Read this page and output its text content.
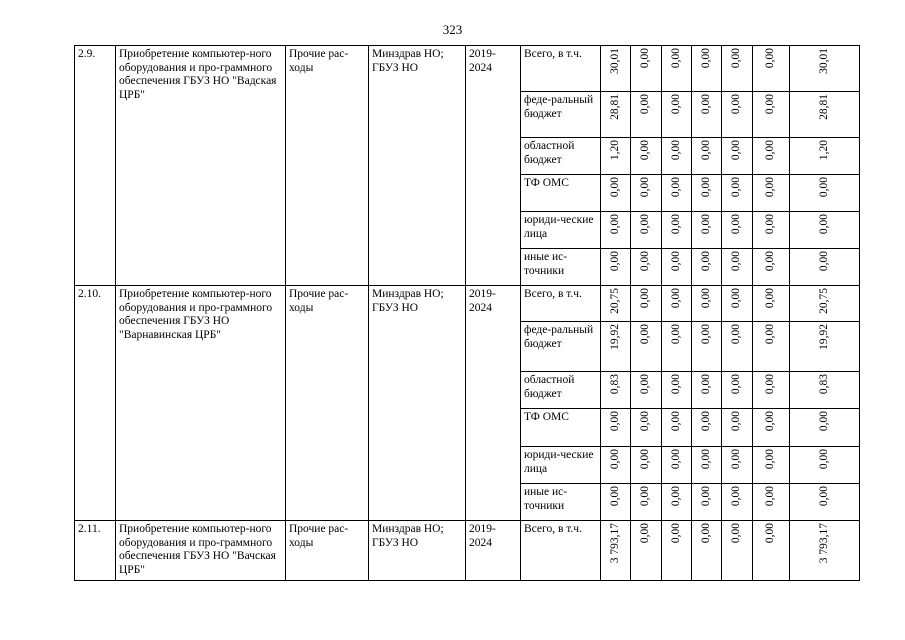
323
2.9.	Приобретение компьютер-ного оборудования и про-граммного обеспечения ГБУЗ НО "Вадская ЦРБ"	Прочие рас-ходы	Минздрав НО; ГБУЗ НО	2019-2024	Всего, в т.ч.	30,01	0,00	0,00	0,00	0,00	0,00	30,01
					феде-ральный бюджет	28,81	0,00	0,00	0,00	0,00	0,00	28,81
					областной бюджет	1,20	0,00	0,00	0,00	0,00	0,00	1,20
					ТФ ОМС	0,00	0,00	0,00	0,00	0,00	0,00	0,00
					юриди-ческие лица	0,00	0,00	0,00	0,00	0,00	0,00	0,00
					иные ис-точники	0,00	0,00	0,00	0,00	0,00	0,00	0,00
2.10.	Приобретение компьютер-ного оборудования и про-граммного обеспечения ГБУЗ НО "Варнавинская ЦРБ"	Прочие рас-ходы	Минздрав НО; ГБУЗ НО	2019-2024	Всего, в т.ч.	20,75	0,00	0,00	0,00	0,00	0,00	20,75
					феде-ральный бюджет	19,92	0,00	0,00	0,00	0,00	0,00	19,92
					областной бюджет	0,83	0,00	0,00	0,00	0,00	0,00	0,83
					ТФ ОМС	0,00	0,00	0,00	0,00	0,00	0,00	0,00
					юриди-ческие лица	0,00	0,00	0,00	0,00	0,00	0,00	0,00
					иные ис-точники	0,00	0,00	0,00	0,00	0,00	0,00	0,00
2.11.	Приобретение компьютер-ного оборудования и про-граммного обеспечения ГБУЗ НО "Вачская ЦРБ"	Прочие рас-ходы	Минздрав НО; ГБУЗ НО	2019-2024	Всего, в т.ч.	3 793,17	0,00	0,00	0,00	0,00	0,00	3 793,17
